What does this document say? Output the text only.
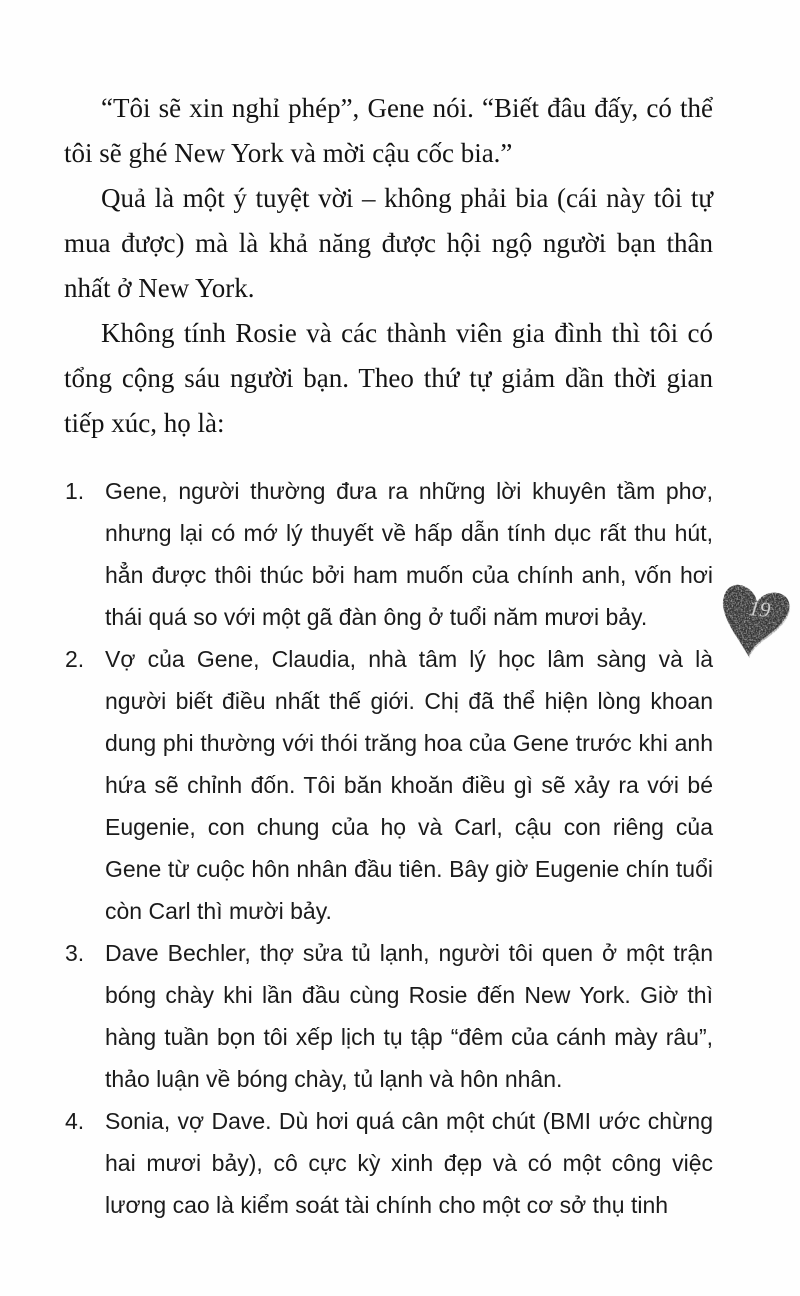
“Tôi sẽ xin nghỉ phép”, Gene nói. “Biết đâu đấy, có thể tôi sẽ ghé New York và mời cậu cốc bia.”

Quả là một ý tuyệt vời – không phải bia (cái này tôi tự mua được) mà là khả năng được hội ngộ người bạn thân nhất ở New York.

Không tính Rosie và các thành viên gia đình thì tôi có tổng cộng sáu người bạn. Theo thứ tự giảm dần thời gian tiếp xúc, họ là:

1. Gene, người thường đưa ra những lời khuyên tầm phơ, nhưng lại có mớ lý thuyết về hấp dẫn tính dục rất thu hút, hẳn được thôi thúc bởi ham muốn của chính anh, vốn hơi thái quá so với một gã đàn ông ở tuổi năm mươi bảy.
2. Vợ của Gene, Claudia, nhà tâm lý học lâm sàng và là người biết điều nhất thế giới. Chị đã thể hiện lòng khoan dung phi thường với thói trăng hoa của Gene trước khi anh hứa sẽ chỉnh đốn. Tôi băn khoăn điều gì sẽ xảy ra với bé Eugenie, con chung của họ và Carl, cậu con riêng của Gene từ cuộc hôn nhân đầu tiên. Bây giờ Eugenie chín tuổi còn Carl thì mười bảy.
3. Dave Bechler, thợ sửa tủ lạnh, người tôi quen ở một trận bóng chày khi lần đầu cùng Rosie đến New York. Giờ thì hàng tuần bọn tôi xếp lịch tụ tập “đêm của cánh mày râu”, thảo luận về bóng chày, tủ lạnh và hôn nhân.
4. Sonia, vợ Dave. Dù hơi quá cân một chút (BMI ước chừng hai mươi bảy), cô cực kỳ xinh đẹp và có một công việc lương cao là kiểm soát tài chính cho một cơ sở thụ tinh
19
